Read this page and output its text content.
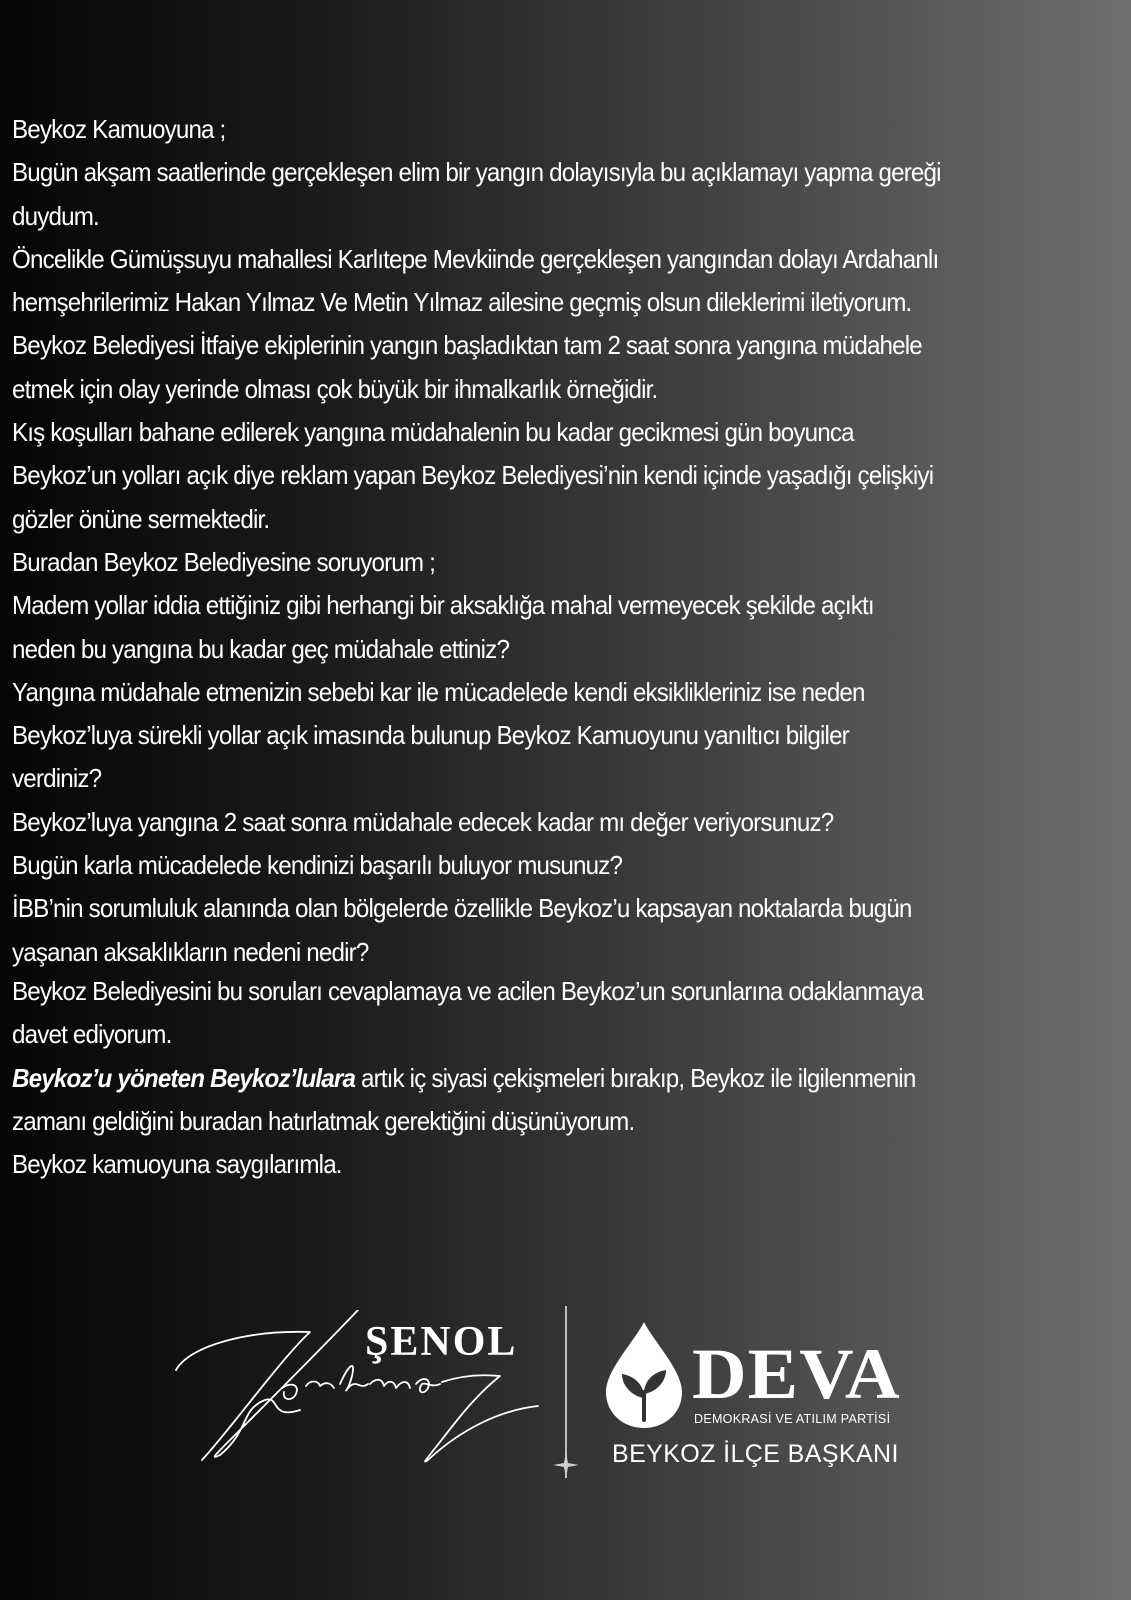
Beykoz Kamuoyuna ;
Bugün akşam saatlerinde gerçekleşen elim bir yangın dolayısıyla bu açıklamayı yapma gereği
duydum.
Öncelikle Gümüşsuyu mahallesi Karlıtepe Mevkiinde gerçekleşen yangından dolayı Ardahanlı
hemşehrilerimiz Hakan Yılmaz Ve Metin Yılmaz ailesine geçmiş olsun dileklerimi iletiyorum.
Beykoz Belediyesi İtfaiye ekiplerinin yangın başladıktan tam 2 saat sonra yangına müdahele
etmek için olay yerinde olması çok büyük bir ihmalkarlık örneğidir.
Kış koşulları bahane edilerek yangına müdahalenin bu kadar gecikmesi gün boyunca
Beykoz’un yolları açık diye reklam yapan Beykoz Belediyesi’nin kendi içinde yaşadığı çelişkiyi
gözler önüne sermektedir.
Buradan Beykoz Belediyesine soruyorum ;
Madem yollar iddia ettiğiniz gibi herhangi bir aksaklığa mahal vermeyecek şekilde açıktı
neden bu yangına bu kadar geç müdahale ettiniz?
Yangına müdahale etmenizin sebebi kar ile mücadelede kendi eksiklikleriniz ise neden
Beykoz’luya sürekli yollar açık imasında bulunup Beykoz Kamuoyunu yanıltıcı bilgiler
verdiniz?
Beykoz’luya yangına 2 saat sonra müdahale edecek kadar mı değer veriyorsunuz?
Bugün karla mücadelede kendinizi başarılı buluyor musunuz?
İBB’nin sorumluluk alanında olan bölgelerde özellikle Beykoz’u kapsayan noktalarda bugün
yaşanan aksaklıkların nedeni nedir?
Beykoz Belediyesini bu soruları cevaplamaya ve acilen Beykoz’un sorunlarına odaklanmaya
davet ediyorum.
Beykoz’u yöneten Beykoz’lulara artık iç siyasi çekişmeleri bırakıp, Beykoz ile ilgilenmenin
zamanı geldiğini buradan hatırlatmak gerektiğini düşünüyorum.
Beykoz kamuoyuna saygılarımla.
ŞENOL DEVA
DEMOKRASİ VE ATILIM PARTİSİ
BEYKOZ İLÇE BAŞKANI
